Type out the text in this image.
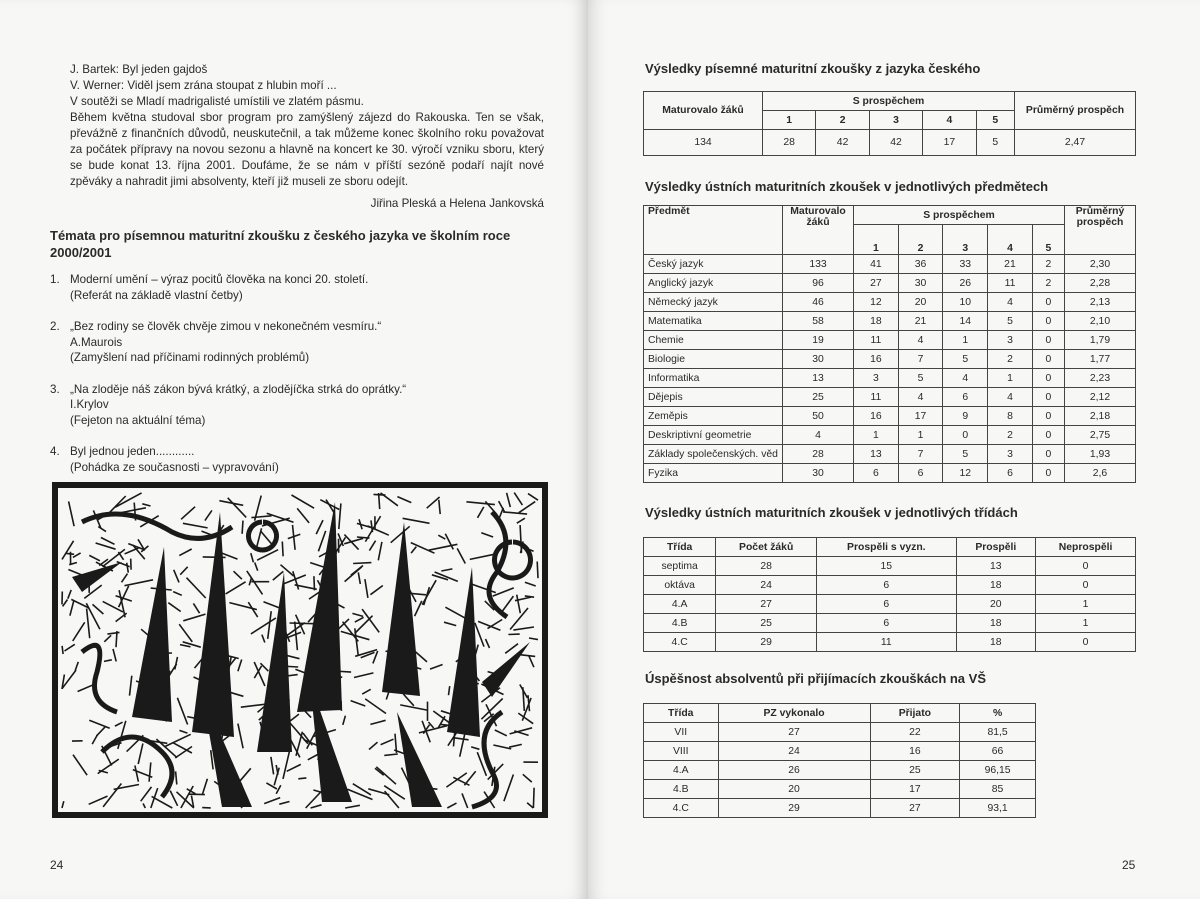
J. Bartek: Byl jeden gajdoš
V. Werner: Viděl jsem zrána stoupat z hlubin moří ...
V soutěži se Mladí madrigalisté umístili ve zlatém pásmu.
Během května studoval sbor program pro zamýšlený zájezd do Rakouska. Ten se však, převážně z finančních důvodů, neuskutečnil, a tak můžeme konec školního roku považovat za počátek přípravy na novou sezonu a hlavně na koncert ke 30. výročí vzniku sboru, který se bude konat 13. října 2001. Doufáme, že se nám v příští sezóně podaří najít nové zpěváky a nahradit jimi absolventy, kteří již museli ze sboru odejít.
Jiřina Pleská a Helena Jankovská
Témata pro písemnou maturitní zkoušku z českého jazyka ve školním roce 2000/2001
1. Moderní umění – výraz pocitů člověka na konci 20. století.
(Referát na základě vlastní četby)
2. „Bez rodiny se člověk chvěje zimou v nekonečném vesmíru.“
A.Maurois
(Zamyšlení nad příčinami rodinných problémů)
3. „Na zloděje náš zákon bývá krátký, a zlodějíčka strká do oprátky.“
I.Krylov
(Fejeton na aktuální téma)
4. Byl jednou jeden............
(Pohádka ze současnosti – vypravování)
24
Výsledky písemné maturitní zkoušky z jazyka českého
Maturovalo žáků	S prospěchem					Průměrný prospěch
	1	2	3	4	5	
134	28	42	42	17	5	2,47
Výsledky ústních maturitních zkoušek v jednotlivých předmětech
Předmět	Maturovalo žáků	S prospěchem					Průměrný prospěch
		1	2	3	4	5	
Český jazyk	133	41	36	33	21	2	2,30
Anglický jazyk	96	27	30	26	11	2	2,28
Německý jazyk	46	12	20	10	4	0	2,13
Matematika	58	18	21	14	5	0	2,10
Chemie	19	11	4	1	3	0	1,79
Biologie	30	16	7	5	2	0	1,77
Informatika	13	3	5	4	1	0	2,23
Dějepis	25	11	4	6	4	0	2,12
Zeměpis	50	16	17	9	8	0	2,18
Deskriptivní geometrie	4	1	1	0	2	0	2,75
Základy společenských. věd	28	13	7	5	3	0	1,93
Fyzika	30	6	6	12	6	0	2,6
Výsledky ústních maturitních zkoušek v jednotlivých třídách
Třída	Počet žáků	Prospěli s vyzn.	Prospěli	Neprospěli
septima	28	15	13	0
oktáva	24	6	18	0
4.A	27	6	20	1
4.B	25	6	18	1
4.C	29	11	18	0
Úspěšnost absolventů při přijímacích zkouškách na VŠ
Třída	PZ vykonalo	Přijato	%
VII	27	22	81,5
VIII	24	16	66
4.A	26	25	96,15
4.B	20	17	85
4.C	29	27	93,1
25
